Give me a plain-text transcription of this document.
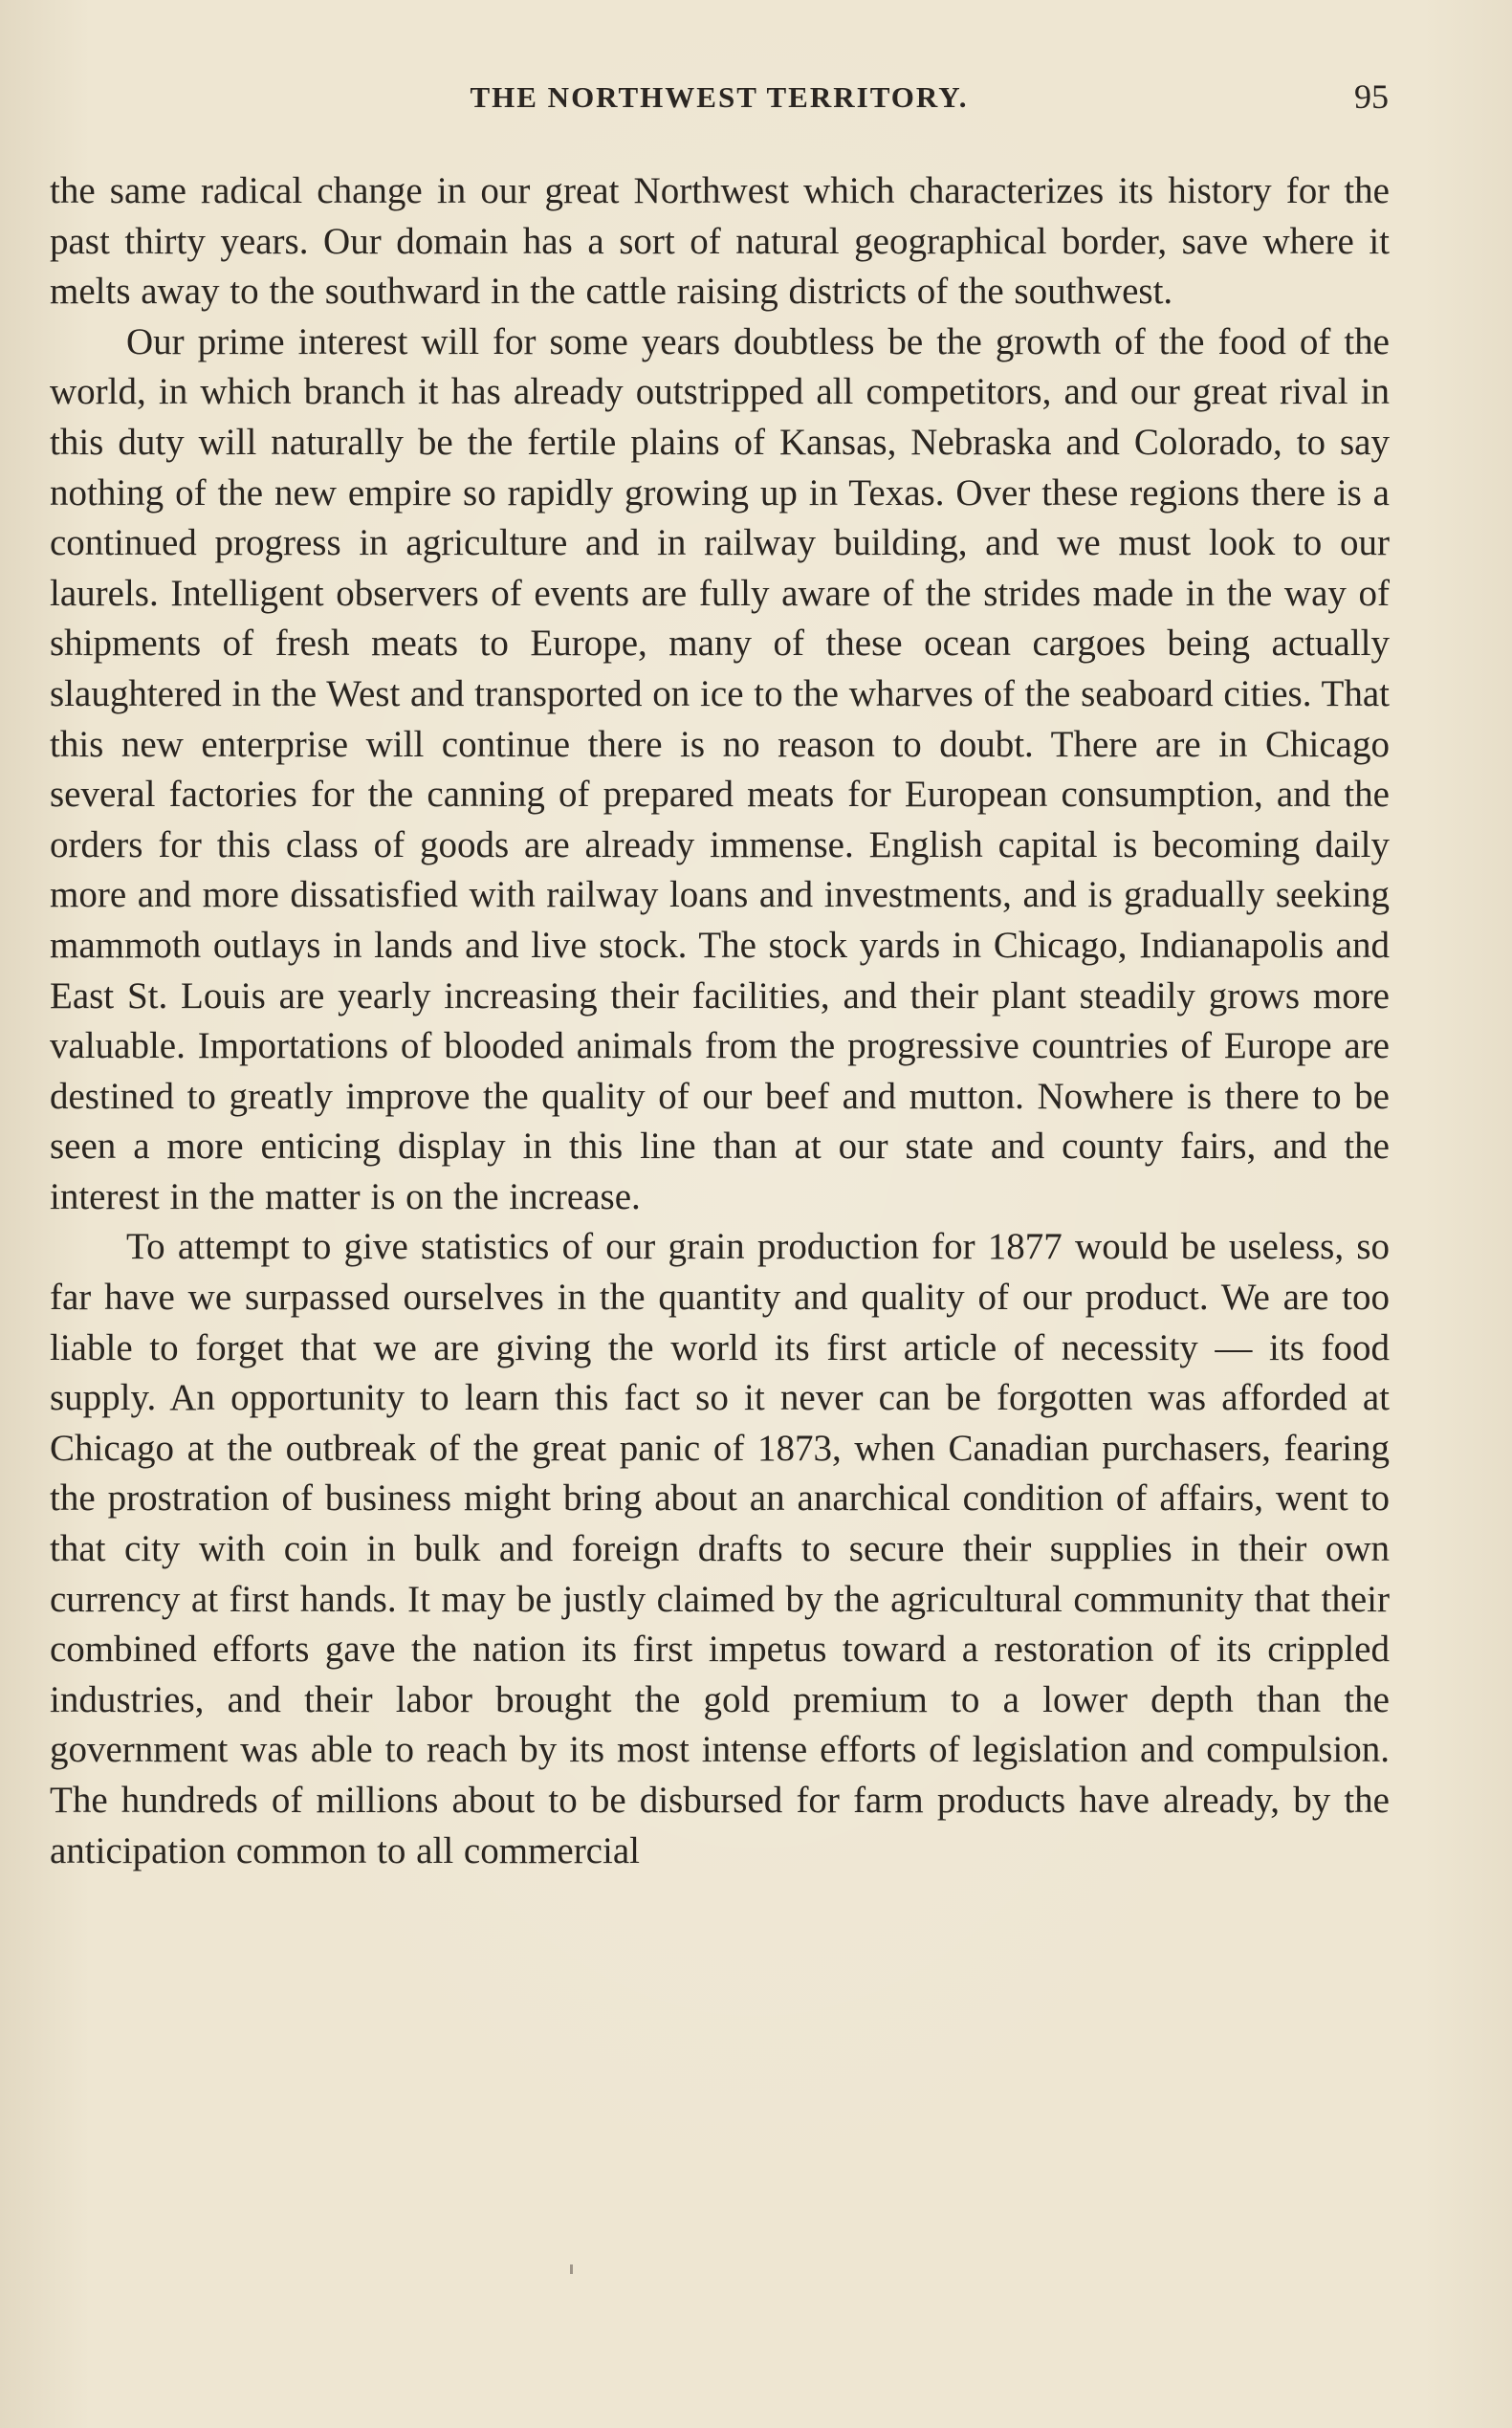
THE NORTHWEST TERRITORY.	95

the same radical change in our great Northwest which characterizes its history for the past thirty years. Our domain has a sort of natural geographical border, save where it melts away to the southward in the cattle raising districts of the southwest.

Our prime interest will for some years doubtless be the growth of the food of the world, in which branch it has already outstripped all competitors, and our great rival in this duty will naturally be the fertile plains of Kansas, Nebraska and Colorado, to say nothing of the new empire so rapidly growing up in Texas. Over these regions there is a continued progress in agriculture and in railway building, and we must look to our laurels. Intelligent observers of events are fully aware of the strides made in the way of shipments of fresh meats to Europe, many of these ocean cargoes being actually slaughtered in the West and transported on ice to the wharves of the seaboard cities. That this new enterprise will continue there is no reason to doubt. There are in Chicago several factories for the canning of prepared meats for European consumption, and the orders for this class of goods are already immense. English capital is becoming daily more and more dissatisfied with railway loans and investments, and is gradually seeking mammoth outlays in lands and live stock. The stock yards in Chicago, Indianapolis and East St. Louis are yearly increasing their facilities, and their plant steadily grows more valuable. Importations of blooded animals from the progressive countries of Europe are destined to greatly improve the quality of our beef and mutton. Nowhere is there to be seen a more enticing display in this line than at our state and county fairs, and the interest in the matter is on the increase.

To attempt to give statistics of our grain production for 1877 would be useless, so far have we surpassed ourselves in the quantity and quality of our product. We are too liable to forget that we are giving the world its first article of necessity — its food supply. An opportunity to learn this fact so it never can be forgotten was afforded at Chicago at the outbreak of the great panic of 1873, when Canadian purchasers, fearing the prostration of business might bring about an anarchical condition of affairs, went to that city with coin in bulk and foreign drafts to secure their supplies in their own currency at first hands. It may be justly claimed by the agricultural community that their combined efforts gave the nation its first impetus toward a restoration of its crippled industries, and their labor brought the gold premium to a lower depth than the government was able to reach by its most intense efforts of legislation and compulsion. The hundreds of millions about to be disbursed for farm products have already, by the anticipation common to all commercial
